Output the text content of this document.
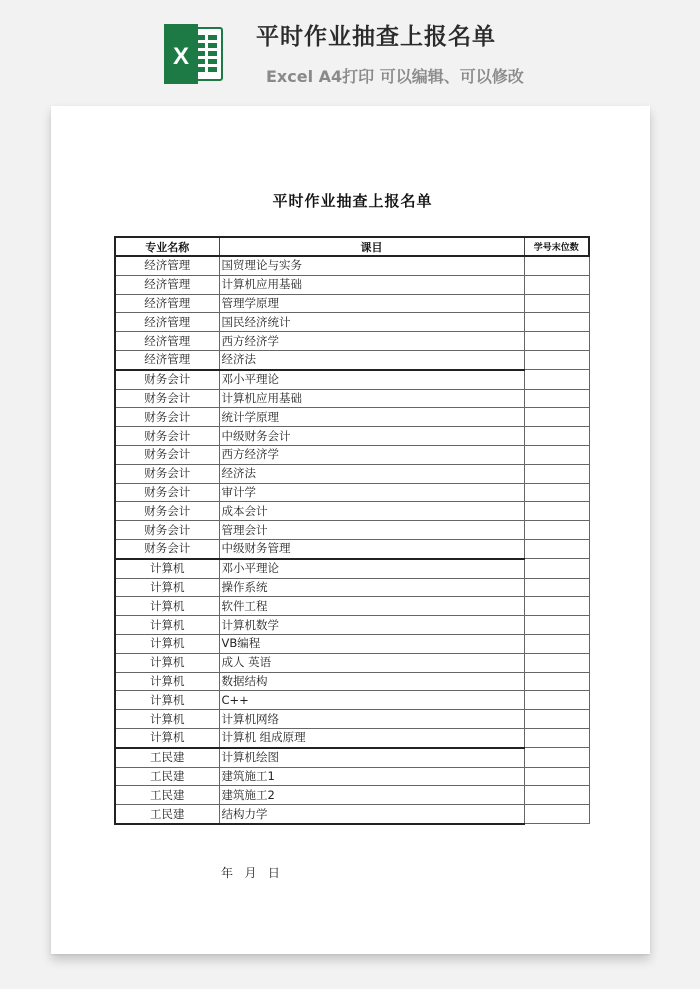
X
平时作业抽查上报名单
Excel A4打印 可以编辑、可以修改
平时作业抽查上报名单
专业名称	课目	学号末位数
经济管理	国贸理论与实务	
经济管理	计算机应用基础	
经济管理	管理学原理	
经济管理	国民经济统计	
经济管理	西方经济学	
经济管理	经济法	
财务会计	邓小平理论	
财务会计	计算机应用基础	
财务会计	统计学原理	
财务会计	中级财务会计	
财务会计	西方经济学	
财务会计	经济法	
财务会计	审计学	
财务会计	成本会计	
财务会计	管理会计	
财务会计	中级财务管理	
计算机	邓小平理论	
计算机	操作系统	
计算机	软件工程	
计算机	计算机数学	
计算机	VB编程	
计算机	成人 英语	
计算机	数据结构	
计算机	C++	
计算机	计算机网络	
计算机	计算机 组成原理	
工民建	计算机绘图	
工民建	建筑施工1	
工民建	建筑施工2	
工民建	结构力学	
年   月   日
